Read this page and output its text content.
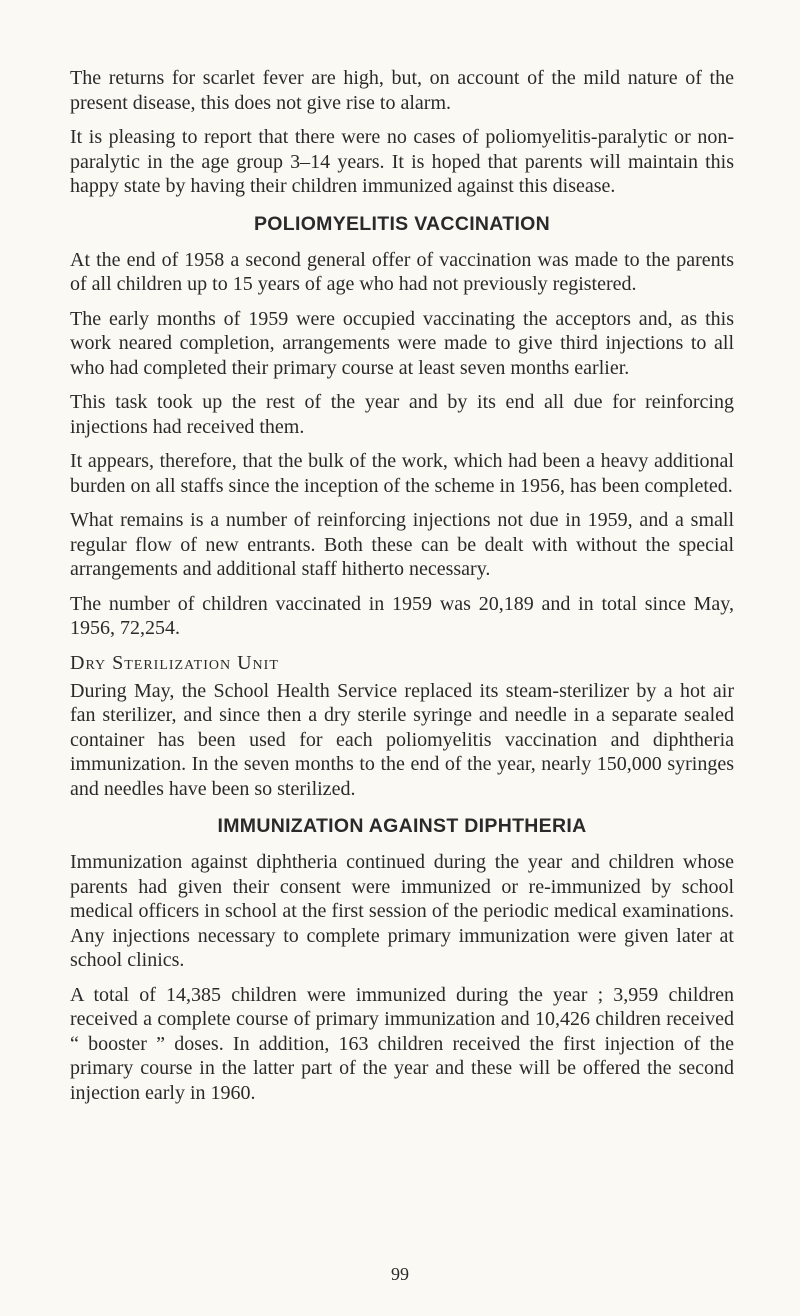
The returns for scarlet fever are high, but, on account of the mild nature of the present disease, this does not give rise to alarm.

It is pleasing to report that there were no cases of poliomyelitis-paralytic or non-paralytic in the age group 3–14 years. It is hoped that parents will maintain this happy state by having their children immunized against this disease.

POLIOMYELITIS VACCINATION

At the end of 1958 a second general offer of vaccination was made to the parents of all children up to 15 years of age who had not previously registered.

The early months of 1959 were occupied vaccinating the acceptors and, as this work neared completion, arrangements were made to give third injections to all who had completed their primary course at least seven months earlier.

This task took up the rest of the year and by its end all due for reinforcing injections had received them.

It appears, therefore, that the bulk of the work, which had been a heavy additional burden on all staffs since the inception of the scheme in 1956, has been completed.

What remains is a number of reinforcing injections not due in 1959, and a small regular flow of new entrants. Both these can be dealt with without the special arrangements and additional staff hitherto necessary.

The number of children vaccinated in 1959 was 20,189 and in total since May, 1956, 72,254.

Dry Sterilization Unit

During May, the School Health Service replaced its steam-sterilizer by a hot air fan sterilizer, and since then a dry sterile syringe and needle in a separate sealed container has been used for each poliomyelitis vaccination and diphtheria immunization. In the seven months to the end of the year, nearly 150,000 syringes and needles have been so sterilized.

IMMUNIZATION AGAINST DIPHTHERIA

Immunization against diphtheria continued during the year and children whose parents had given their consent were immunized or re-immunized by school medical officers in school at the first session of the periodic medical examinations. Any injections necessary to complete primary immunization were given later at school clinics.

A total of 14,385 children were immunized during the year ; 3,959 children received a complete course of primary immunization and 10,426 children received “ booster ” doses. In addition, 163 children received the first injection of the primary course in the latter part of the year and these will be offered the second injection early in 1960.

99
